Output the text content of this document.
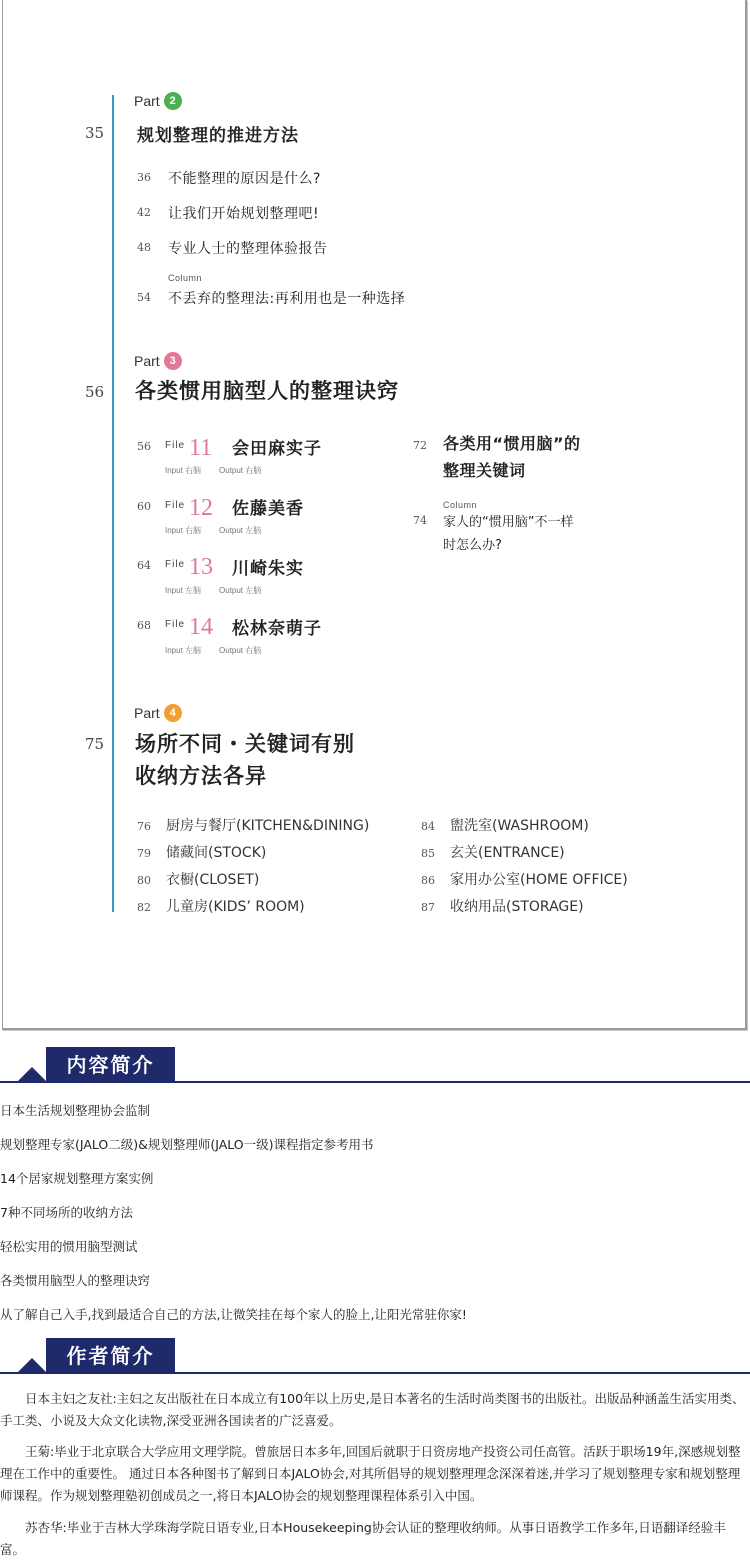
Part 2
35 规划整理的推进方法
36 不能整理的原因是什么?
42 让我们开始规划整理吧!
48 专业人士的整理体验报告
Column
54 不丢弃的整理法:再利用也是一种选择
Part 3
56 各类惯用脑型人的整理诀窍
56 File 11 会田麻实子
Input 右脑 Output 右脑
60 File 12 佐藤美香
Input 右脑 Output 左脑
64 File 13 川崎朱实
Input 左脑 Output 左脑
68 File 14 松林奈萌子
Input 左脑 Output 右脑
72 各类用“惯用脑”的
整理关键词
Column
74 家人的“惯用脑”不一样
时怎么办?
Part 4
75 场所不同・关键词有别
收纳方法各异
76 厨房与餐厅(KITCHEN&DINING)
79 储藏间(STOCK)
80 衣橱(CLOSET)
82 儿童房(KIDS’ ROOM)
84 盥洗室(WASHROOM)
85 玄关(ENTRANCE)
86 家用办公室(HOME OFFICE)
87 收纳用品(STORAGE)
内容简介
日本生活规划整理协会监制
规划整理专家(JALO二级)&规划整理师(JALO一级)课程指定参考用书
14个居家规划整理方案实例
7种不同场所的收纳方法
轻松实用的惯用脑型测试
各类惯用脑型人的整理诀窍
从了解自己入手,找到最适合自己的方法,让微笑挂在每个家人的脸上,让阳光常驻你家!
作者简介
日本主妇之友社:主妇之友出版社在日本成立有100年以上历史,是日本著名的生活时尚类图书的出版社。出版品种涵盖生活实用类、手工类、小说及大众文化读物,深受亚洲各国读者的广泛喜爱。
王菊:毕业于北京联合大学应用文理学院。曾旅居日本多年,回国后就职于日资房地产投资公司任高管。活跃于职场19年,深感规划整理在工作中的重要性。 通过日本各种图书了解到日本JALO协会,对其所倡导的规划整理理念深深着迷,并学习了规划整理专家和规划整理师课程。作为规划整理塾初创成员之一,将日本JALO协会的规划整理课程体系引入中国。
苏杏华:毕业于吉林大学珠海学院日语专业,日本Housekeeping协会认证的整理收纳师。从事日语教学工作多年,日语翻译经验丰富。
